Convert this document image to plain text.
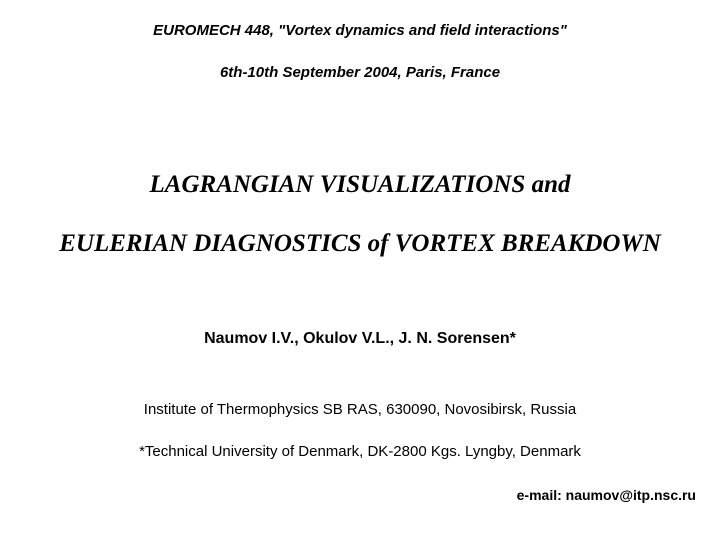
EUROMECH 448, "Vortex dynamics and field interactions"
6th-10th September 2004, Paris, France
LAGRANGIAN VISUALIZATIONS and
EULERIAN DIAGNOSTICS of VORTEX BREAKDOWN
Naumov I.V., Okulov V.L., J. N. Sorensen*
Institute of Thermophysics SB RAS, 630090, Novosibirsk, Russia
*Technical University of Denmark, DK-2800 Kgs. Lyngby, Denmark
e-mail: naumov@itp.nsc.ru
